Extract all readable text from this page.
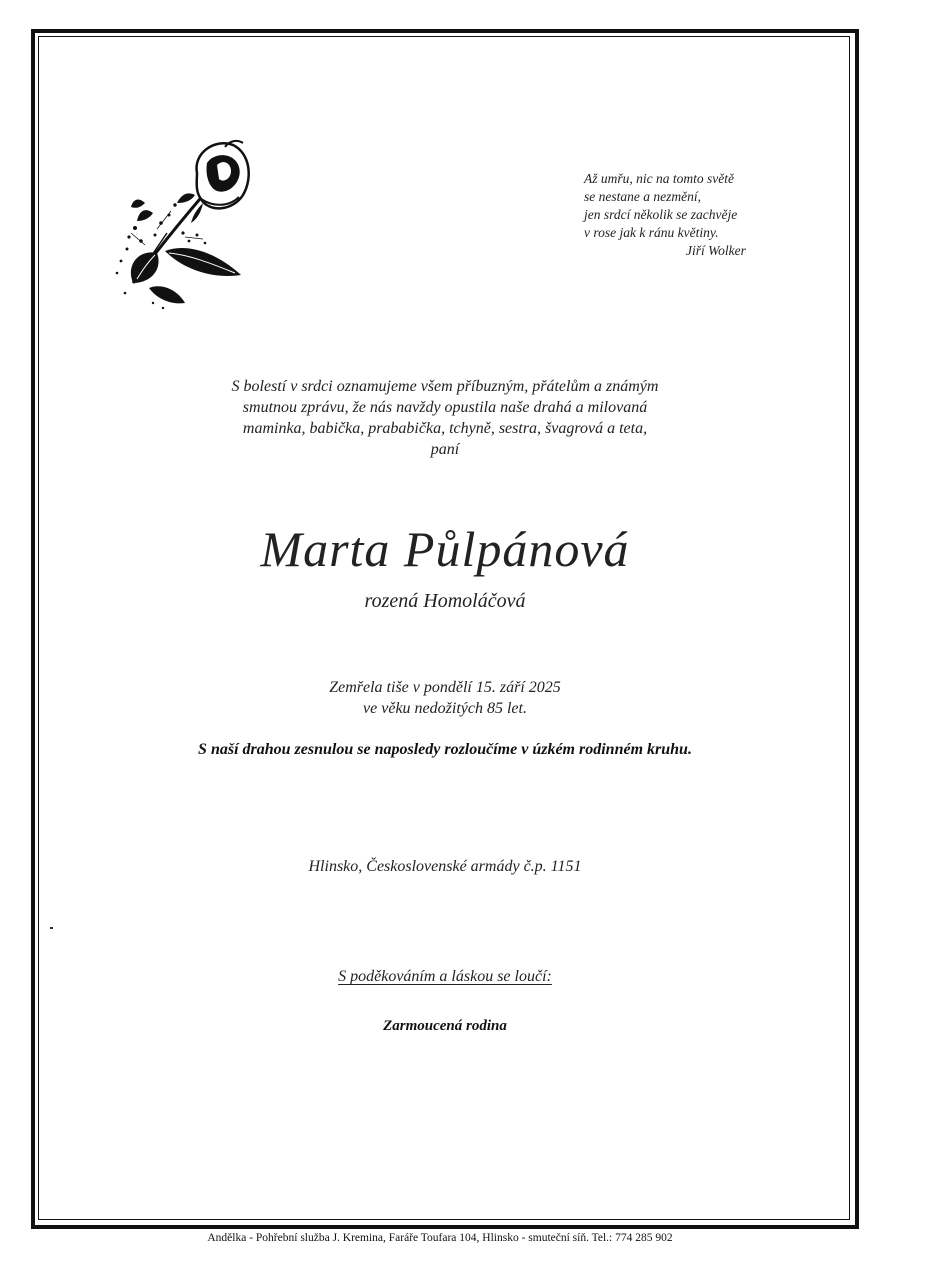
Až umřu, nic na tomto světě
se nestane a nezmění,
jen srdcí několik se zachvěje
v rose jak k ránu květiny.
Jiří Wolker
S bolestí v srdci oznamujeme všem příbuzným, přátelům a známým
smutnou zprávu, že nás navždy opustila naše drahá a milovaná
maminka, babička, prababička, tchyně, sestra, švagrová a teta,
paní
Marta Půlpánová
rozená Homoláčová
Zemřela tiše v pondělí 15. září 2025
ve věku nedožitých 85 let.
S naší drahou zesnulou se naposledy rozloučíme v úzkém rodinném kruhu.
Hlinsko, Československé armády č.p. 1151
S poděkováním a láskou se loučí:
Zarmoucená rodina
Andělka - Pohřební služba J. Kremina, Faráře Toufara 104, Hlinsko - smuteční síň. Tel.: 774 285 902
